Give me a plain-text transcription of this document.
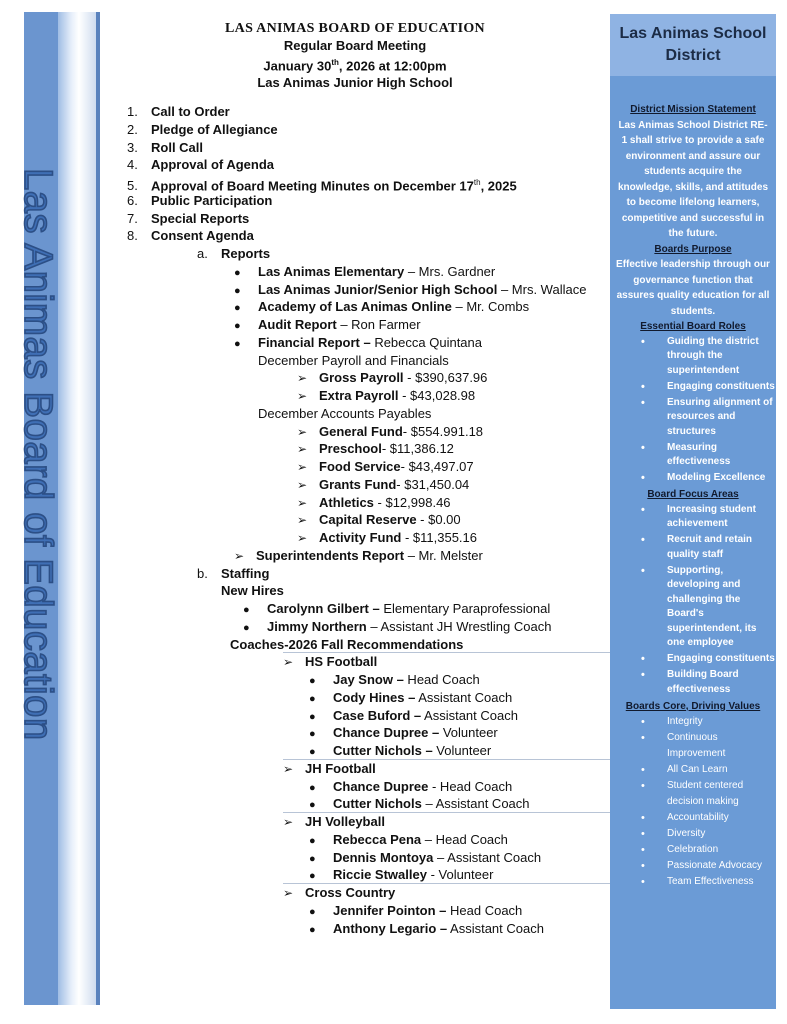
Las Animas Board of Education
LAS ANIMAS BOARD OF EDUCATION
Regular Board Meeting
January 30th, 2026 at 12:00pm
Las Animas Junior High School
1. Call to Order
2. Pledge of Allegiance
3. Roll Call
4. Approval of Agenda
5. Approval of Board Meeting Minutes on December 17th, 2025
6. Public Participation
7. Special Reports
8. Consent Agenda
a. Reports
● Las Animas Elementary – Mrs. Gardner
● Las Animas Junior/Senior High School – Mrs. Wallace
● Academy of Las Animas Online – Mr. Combs
● Audit Report – Ron Farmer
● Financial Report – Rebecca Quintana
December Payroll and Financials
➢ Gross Payroll - $390,637.96
➢ Extra Payroll - $43,028.98
December Accounts Payables
➢ General Fund- $554.991.18
➢ Preschool- $11,386.12
➢ Food Service- $43,497.07
➢ Grants Fund- $31,450.04
➢ Athletics - $12,998.46
➢ Capital Reserve - $0.00
➢ Activity Fund - $11,355.16
➢ Superintendents Report – Mr. Melster
b. Staffing
New Hires
● Carolynn Gilbert – Elementary Paraprofessional
● Jimmy Northern – Assistant JH Wrestling Coach
Coaches-2026 Fall Recommendations
➢ HS Football
● Jay Snow – Head Coach
● Cody Hines – Assistant Coach
● Case Buford – Assistant Coach
● Chance Dupree – Volunteer
● Cutter Nichols – Volunteer
➢ JH Football
● Chance Dupree - Head Coach
● Cutter Nichols – Assistant Coach
➢ JH Volleyball
● Rebecca Pena – Head Coach
● Dennis Montoya – Assistant Coach
● Riccie Stwalley - Volunteer
➢ Cross Country
● Jennifer Pointon – Head Coach
● Anthony Legario – Assistant Coach
Las Animas School District
District Mission Statement
Las Animas School District RE-1 shall strive to provide a safe environment and assure our students acquire the knowledge, skills, and attitudes to become lifelong learners, competitive and successful in the future.
Boards Purpose
Effective leadership through our governance function that assures quality education for all students.
Essential Board Roles
• Guiding the district through the superintendent
• Engaging constituents
• Ensuring alignment of resources and structures
• Measuring effectiveness
• Modeling Excellence
Board Focus Areas
• Increasing student achievement
• Recruit and retain quality staff
• Supporting, developing and challenging the Board's superintendent, its one employee
• Engaging constituents
• Building Board effectiveness
Boards Core, Driving Values
• Integrity
• Continuous Improvement
• All Can Learn
• Student centered decision making
• Accountability
• Diversity
• Celebration
• Passionate Advocacy
• Team Effectiveness
